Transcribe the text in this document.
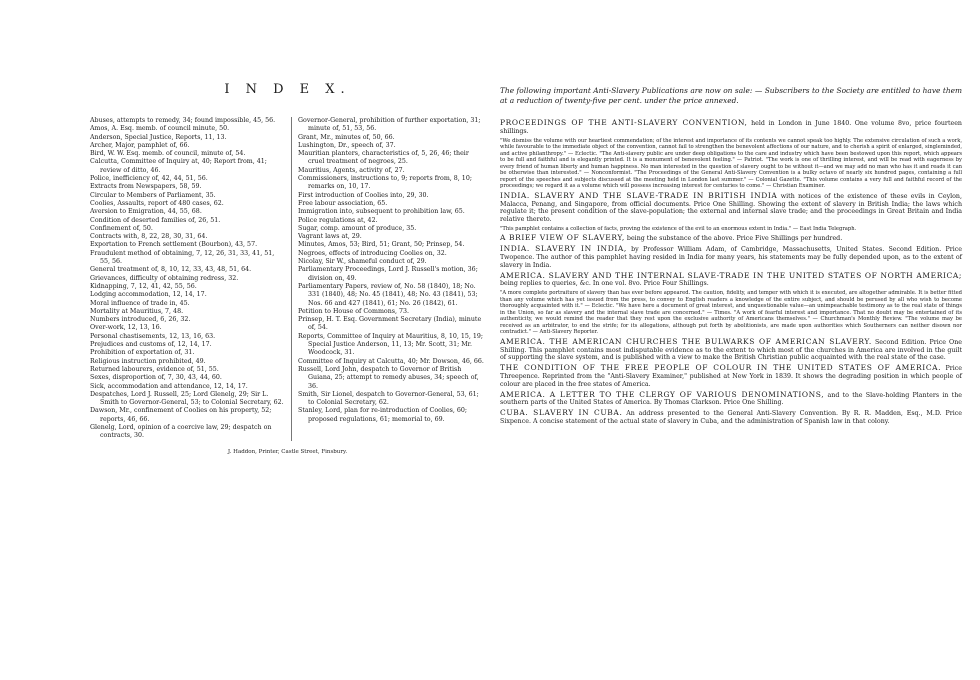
I N D E X.
Abuses, attempts to remedy, 34; found impossible, 45, 56.
Amos, A. Esq. memb. of council minute, 50.
Anderson, Special Justice, Reports, 11, 13.
Archer, Major, pamphlet of, 66.
Bird, W. W. Esq. memb. of council, minute of, 54.
Calcutta, Committee of Inquiry at, 40; Report from, 41; review of ditto, 46.
Police, inefficiency of, 42, 44, 51, 56.
Extracts from Newspapers, 58, 59.
Circular to Members of Parliament, 35.
Coolies, Assaults, report of 480 cases, 62.
Aversion to Emigration, 44, 55, 68.
Condition of deserted families of, 26, 51.
Confinement of, 50.
Contracts with, 8, 22, 28, 30, 31, 64.
Exportation to French settlement (Bourbon), 43, 57.
Fraudulent method of obtaining, 7, 12, 26, 31, 33, 41, 51, 55, 56.
General treatment of, 8, 10, 12, 33, 43, 48, 51, 64.
Grievances, difficulty of obtaining redress, 32.
Kidnapping, 7, 12, 41, 42, 55, 56.
Lodging accommodation, 12, 14, 17.
Moral influence of trade in, 45.
Mortality at Mauritius, 7, 48.
Numbers introduced, 6, 26, 32.
Over-work, 12, 13, 16.
Personal chastisements, 12, 13, 16, 63.
Prejudices and customs of, 12, 14, 17.
Prohibition of exportation of, 31.
Religious instruction prohibited, 49.
Returned labourers, evidence of, 51, 55.
Sexes, disproportion of, 7, 30, 43, 44, 60.
Sick, accommodation and attendance, 12, 14, 17.
Despatches, Lord J. Russell, 25; Lord Glenelg, 29; Sir L. Smith to Governor-General, 53; to Colonial Secretary, 62.
Dawson, Mr., confinement of Coolies on his property, 52; reports, 46, 66.
Glenelg, Lord, opinion of a coercive law, 29; despatch on contracts, 30.
Governor-General, prohibition of further exportation, 31; minute of, 51, 53, 56.
Grant, Mr., minutes of, 50, 66.
Lushington, Dr., speech of, 37.
Mauritian planters, characteristics of, 5, 26, 46; their cruel treatment of negroes, 25.
Mauritius, Agents, activity of, 27.
Commissioners, instructions to, 9; reports from, 8, 10; remarks on, 10, 17.
First introduction of Coolies into, 29, 30.
Free labour association, 65.
Immigration into, subsequent to prohibition law, 65.
Police regulations at, 42.
Sugar, comp. amount of produce, 35.
Vagrant laws at, 29.
Minutes, Amos, 53; Bird, 51; Grant, 50; Prinsep, 54.
Negroes, effects of introducing Coolies on, 32.
Nicolay, Sir W., shameful conduct of, 29.
Parliamentary Proceedings, Lord J. Russell's motion, 36; division on, 49.
Parliamentary Papers, review of, No. 58 (1840), 18; No. 331 (1840), 48; No. 45 (1841), 48; No. 43 (1841), 53; Nos. 66 and 427 (1841), 61; No. 26 (1842), 61.
Petition to House of Commons, 73.
Prinsep, H. T. Esq. Government Secretary (India), minute of, 54.
Reports, Committee of Inquiry at Mauritius, 8, 10, 15, 19; Special Justice Anderson, 11, 13; Mr. Scott, 31; Mr. Woodcock, 31.
Committee of Inquiry at Calcutta, 40; Mr. Dowson, 46, 66.
Russell, Lord John, despatch to Governor of British Guiana, 25; attempt to remedy abuses, 34; speech of, 36.
Smith, Sir Lionel, despatch to Governor-General, 53, 61; to Colonial Secretary, 62.
Stanley, Lord, plan for re-introduction of Coolies, 60; proposed regulations, 61; memorial to, 69.
J. Haddon, Printer, Castle Street, Finsbury.
The following important Anti-Slavery Publications are now on sale: — Subscribers to the Society are entitled to have them at a reduction of twenty-five per cent. under the price annexed.
PROCEEDINGS OF THE ANTI-SLAVERY CONVENTION, held in London in June 1840. One volume 8vo, price fourteen shillings.
"We dismiss the volume with our heartiest commendation; of the interest and importance of its contents we cannot speak too highly. The extensive circulation of such a work, while favourable to the immediate object of the convention, cannot fail to strengthen the benevolent affections of our nature, and to cherish a spirit of enlarged, singleminded, and active philanthropy." — Eclectic. "The Anti-slavery public are under deep obligations to the care and industry which have been bestowed upon this report, which appears to be full and faithful and is elegantly printed. It is a monument of benevolent feeling." — Patriot. "The work is one of thrilling interest, and will be read with eagerness by every friend of human liberty and human happiness. No man interested in the question of slavery ought to be without it—and we may add no man who has it and reads it can be otherwise than interested." — Nonconformist. "The Proceedings of the General Anti-Slavery Convention is a bulky octavo of nearly six hundred pages, containing a full report of the speeches and subjects discussed at the meeting held in London last summer." — Colonial Gazette. "This volume contains a very full and faithful record of the proceedings; we regard it as a volume which will possess increasing interest for centuries to come." — Christian Examiner.
INDIA. SLAVERY AND THE SLAVE-TRADE IN BRITISH INDIA with notices of the existence of these evils in Ceylon, Malacca, Penang, and Singapore, from official documents. Price One Shilling. Showing the extent of slavery in British India; the laws which regulate it; the present condition of the slave-population; the external and internal slave trade; and the proceedings in Great Britain and India relative thereto.
"This pamphlet contains a collection of facts, proving the existence of the evil to an enormous extent in India." — East India Telegraph.
A BRIEF VIEW OF SLAVERY, being the substance of the above. Price Five Shillings per hundred.
INDIA. SLAVERY IN INDIA, by Professor William Adam, of Cambridge, Massachusetts, United States. Second Edition. Price Twopence. The author of this pamphlet having resided in India for many years, his statements may be fully depended upon, as to the extent of slavery in India.
AMERICA. SLAVERY AND THE INTERNAL SLAVE-TRADE IN THE UNITED STATES OF NORTH AMERICA; being replies to queries, &c. In one vol. 8vo. Price Four Shillings.
"A more complete portraiture of slavery than has ever before appeared. The caution, fidelity, and temper with which it is executed, are altogether admirable. It is better fitted than any volume which has yet issued from the press, to convey to English readers a knowledge of the entire subject, and should be perused by all who wish to become thoroughly acquainted with it." — Eclectic. "We have here a document of great interest, and unquestionable value—an unimpeachable testimony as to the real state of things in the Union, so far as slavery and the internal slave trade are concerned." — Times. "A work of fearful interest and importance. That no doubt may be entertained of its authenticity, we would remind the reader that they rest upon the exclusive authority of Americans themselves." — Churchman's Monthly Review. "The volume may be received as an arbitrator, to end the strife; for its allegations, although put forth by abolitionists, are made upon authorities which Southerners can neither disown nor contradict." — Anti-Slavery Reporter.
AMERICA. THE AMERICAN CHURCHES THE BULWARKS OF AMERICAN SLAVERY. Second Edition. Price One Shilling. This pamphlet contains most indisputable evidence as to the extent to which most of the churches in America are involved in the guilt of supporting the slave system, and is published with a view to make the British Christian public acquainted with the real state of the case.
THE CONDITION OF THE FREE PEOPLE OF COLOUR IN THE UNITED STATES OF AMERICA. Price Threepence. Reprinted from the "Anti-Slavery Examiner," published at New York in 1839. It shows the degrading position in which people of colour are placed in the free states of America.
AMERICA. A LETTER TO THE CLERGY OF VARIOUS DENOMINATIONS, and to the Slave-holding Planters in the southern parts of the United States of America. By Thomas Clarkson. Price One Shilling.
CUBA. SLAVERY IN CUBA. An address presented to the General Anti-Slavery Convention. By R. R. Madden, Esq., M.D. Price Sixpence. A concise statement of the actual state of slavery in Cuba, and the administration of Spanish law in that colony.
